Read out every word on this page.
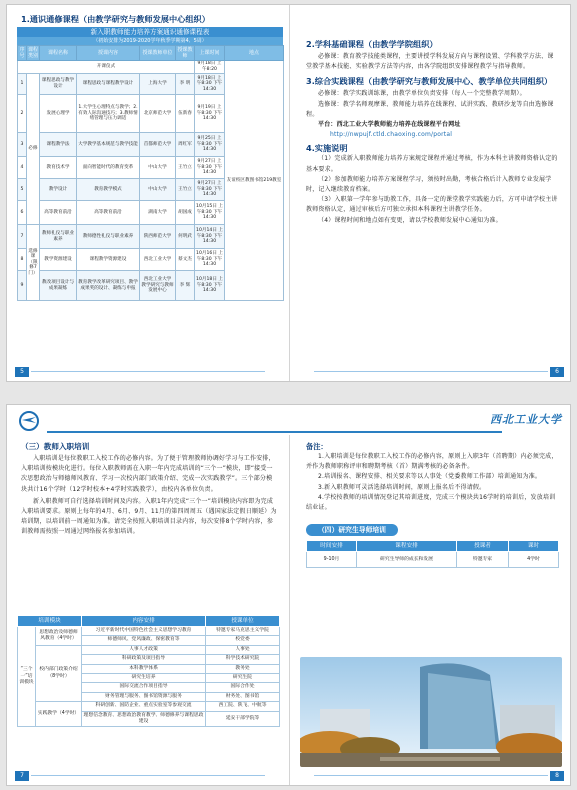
1.通识通修课程（由教学研究与教师发展中心组织）
新入职教师能力培养方案通识通修课程表
（初始安排为2019-2020学年秋季学期第4、5周）
序号	课程类别	课程名称	授课内容	授课教师单位	授课教师	上课时间	地点
开课仪式						9月18日 上午8:20	友谊校区教图书馆219教室
1	必修	课程思政与教学设计	课程思政与课程教学设计	上海大学	李 明	9月18日 上午8:30 下午14:30	
2		发展心理学	1.大学生心理特点与教学；2.有效人际沟通技巧；3.教师情绪管理与压力调适	北京师范大学	伍新春	9月19日 上午8:30 下午14:30	
3		课程教学法	大学教学基本规范与教学技能	首都师范大学	周红军	9月25日 上午8:30 下午14:30	
4		教育技术学	面向智能时代的教育变革	中山大学	王竹立	9月27日 上午8:30 下午14:30	
5		教学设计	教育教学模式	中山大学	王竹立	9月27日 上午8:30 下午14:30	
6		高等教育前沿	高等教育前沿	湖南大学	胡国成	10月15日 上午8:30 下午14:30	
7	选修课（限修7门）	教师礼仪与职业素养	教师德性礼仪与职业素养	陕西师范大学	何明武	10月14日 上午8:30 下午14:30	
8		教学资源建设	课程教学资源建设	西北工业大学	蔡文杰	10月16日 上午8:30 下午14:30	
9		教改项目设计与成果凝练	教育教学改革研究项目、教学成果奖的设计、凝练与申报	西北工业大学 教学研究与教师发展中心	李 辉	10月18日 上午8:30 下午14:30	
5
2.学科基础课程（由教学学院组织）
必修课：教育教学技能类课程，主要讲授学科发展方向与课程设置、学科教学方法、课堂教学基本技能、实验教学方法等内容，由各学院组织安排课程教学与指导教师。
3.综合实践课程（由教学研究与教师发展中心、教学单位共同组织）
必修课：教学实践训练课，由教学单位负责安排（每人一个完整教学周期）。
选修课：教学名师观摩课、教师能力培养在线课程、试讲实践、教研沙龙等自由选修课程。
平台：西北工业大学教师能力培养在线课程平台网址
http://nwpujf.ctld.chaoxing.com/portal
4.实施说明
（1）完成新入职教师能力培养方案规定课程并通过考核，作为本科主讲教师资格认定的基本要求。
（2）参加教师能力培养方案课程学习，须按时出勤，考核合格后计入教师专业发展学时，记入继续教育档案。
（3）入职第一学年参与助教工作，具备一定的课堂教学实践能力后，方可申请学校主讲教师资格认定，通过审核后方可独立承担本科课程主讲教学任务。
（4）课程时间和地点如有变更，请以学校教师发展中心通知为准。
6
西北工业大学
（三）教师入职培训
入职培训是每位教职工入校工作的必修内容。为了便于管理教师协调好学习与工作安排，入职培训按模块化进行。每位入职教师需在入职一年内完成培训的“三个一”模块，即“接受一次思想政治与师德师风教育、学习一次校内部门政策介绍、完成一次实践教学”。三个部分模块共计16个学时（12学时校本+4学时实践教学），由校内各单位负责。
新入职教师可自行选择培训时间及内容。入职1年内完成“三个一”培训模块内容即为完成入职培训要求。原则上每年的4月、6月、9月、11月的第四周周五（遇国家法定假日顺延）为培训期，以培训前一周通知为准。请完全按照入职培训目录内容，每次安排8个学时内容，参训教师需按照一周通过网络报名参加培训。
培训模块		内容安排	授课单位
“三个一”培训模块	思想政治及师德师风教育（4学时）	习近平新时代中国特色社会主义思想学习教育	特邀专家马克思主义学院
		师德师风、党风廉政、保密教育等	校党委
	校内部门政策介绍（8学时）	人事人才政策	人事处
		科研政策及项目指导	科学技术研究院
		本科教学体系	教务处
		研究生培养	研究生院
		国际交流合作项目指导	国际合作处
		财务管理与服务、图书馆资源与服务	财务处、图书馆
	实践教学（4学时）	科研创新、国防企业、重点实验室等参观交流	西工院、陕飞、中航等
		理想信念教育、思想政治教育教学、师德修养与课程思政建设	延安干部学院等
7
备注：
1.入职培训是每位教职工入校工作的必修内容，原则上入职3年（首聘期）内必须完成，并作为教师职称评审和聘期考核（首）期满考核的必备条件。
2.培训报名、课程安排、相关要求等以人事处（党委教师工作部）培训通知为准。
3.新入职教师可灵活选择培训时间，原则上报名后不得请假。
4.学校按教师的培训情况登记其培训进度，完成三个模块共16学时的培训后，发放培训结业证。
（四）研究生导师培训
时间安排	课程安排	授课者	课时
9-10月	研究生导师的成长和发展	特邀专家	4学时
8
